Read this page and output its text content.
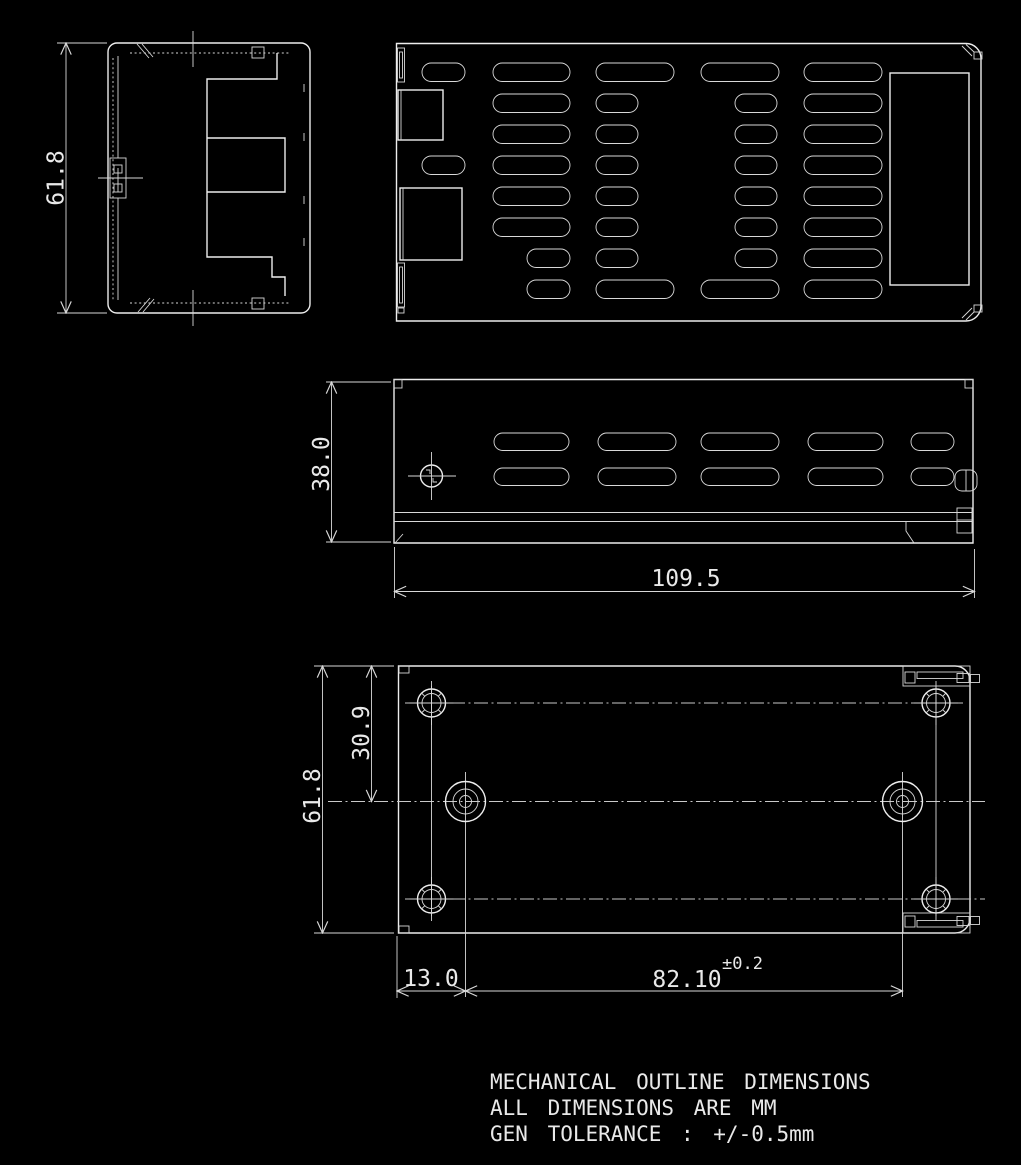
61.8
38.0
109.5
61.8
30.9
13.0	82.10
±0.2
MECHANICAL OUTLINE DIMENSIONS
ALL DIMENSIONS ARE MM
GEN TOLERANCE : +/-0.5mm
